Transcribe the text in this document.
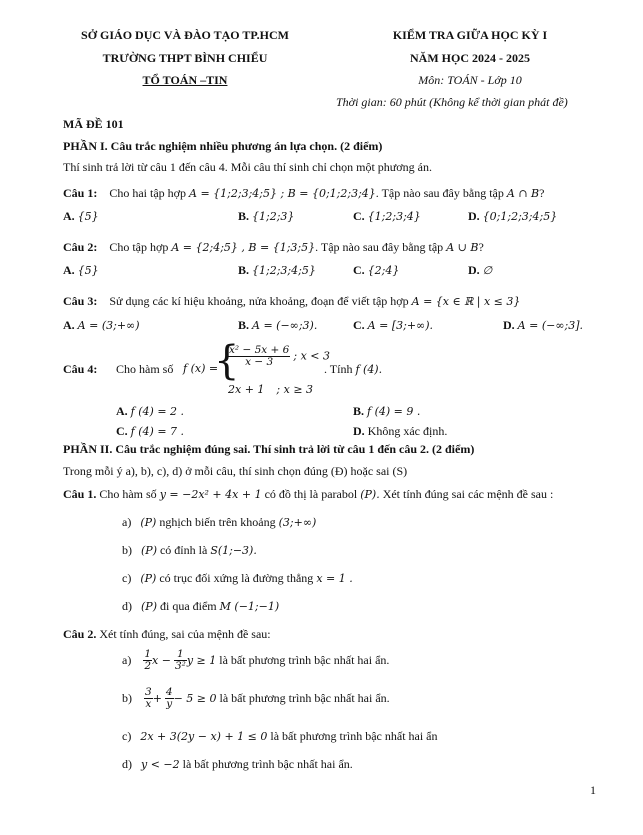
SỞ GIÁO DỤC VÀ ĐÀO TẠO TP.HCM
TRƯỜNG THPT BÌNH CHIỂU
TỔ TOÁN –TIN
KIỂM TRA GIỮA HỌC KỲ I
NĂM HỌC 2024 - 2025
Môn: TOÁN - Lớp 10
Thời gian: 60 phút (Không kể thời gian phát đề)
MÃ ĐỀ 101
PHẦN I. Câu trắc nghiệm nhiều phương án lựa chọn. (2 điểm)
Thí sinh trả lời từ câu 1 đến câu 4. Mỗi câu thí sinh chỉ chọn một phương án.
Câu 1: Cho hai tập hợp A = {1;2;3;4;5} ; B = {0;1;2;3;4}. Tập nào sau đây bằng tập A ∩ B?
A. {5}	B. {1;2;3}	C. {1;2;3;4}	D. {0;1;2;3;4;5}
Câu 2: Cho tập hợp A = {2;4;5} , B = {1;3;5}. Tập nào sau đây bằng tập A ∪ B?
A. {5}	B. {1;2;3;4;5}	C. {2;4}	D. ∅
Câu 3: Sử dụng các kí hiệu khoảng, nửa khoảng, đoạn để viết tập hợp A = {x ∈ ℝ | x ≤ 3}
A. A = (3;+∞)	B. A = (−∞;3).	C. A = [3;+∞).	D. A = (−∞;3].
Câu 4: Cho hàm số f (x) =
{
$\frac{\text{x² − 5x + 6}}{x - 3}$ ; x < 3
2x + 1 ; x ≥ 3
. Tính f (4).
A. f (4) = 2 .	B. f (4) = 9 .
C. f (4) = 7 .	D. Không xác định.
PHẦN II. Câu trắc nghiệm đúng sai. Thí sinh trả lời từ câu 1 đến câu 2. (2 điểm)
Trong mỗi ý a), b), c), d) ở mỗi câu, thí sinh chọn đúng (Đ) hoặc sai (S)
Câu 1. Cho hàm số y = −2x² + 4x + 1 có đồ thị là parabol (P). Xét tính đúng sai các mệnh đề sau :
a) (P) nghịch biến trên khoảng (3;+∞)
b) (P) có đỉnh là S(1;−3).
c) (P) có trục đối xứng là đường thẳng x = 1 .
d) (P) đi qua điểm M (−1;−1)
Câu 2. Xét tính đúng, sai của mệnh đề sau:
$a) \frac{1}{2}$ $x - \frac{1}{\text{3²}}$ y ≥ 1 là bất phương trình bậc nhất hai ẩn.
$b) \frac{3}{x} + \frac{4}{y} - 5 \ge 0$ là bất phương trình bậc nhất hai ẩn.
c) 2x + 3(2y − x) + 1 ≤ 0 là bất phương trình bậc nhất hai ẩn
d) y < −2 là bất phương trình bậc nhất hai ẩn.
1
